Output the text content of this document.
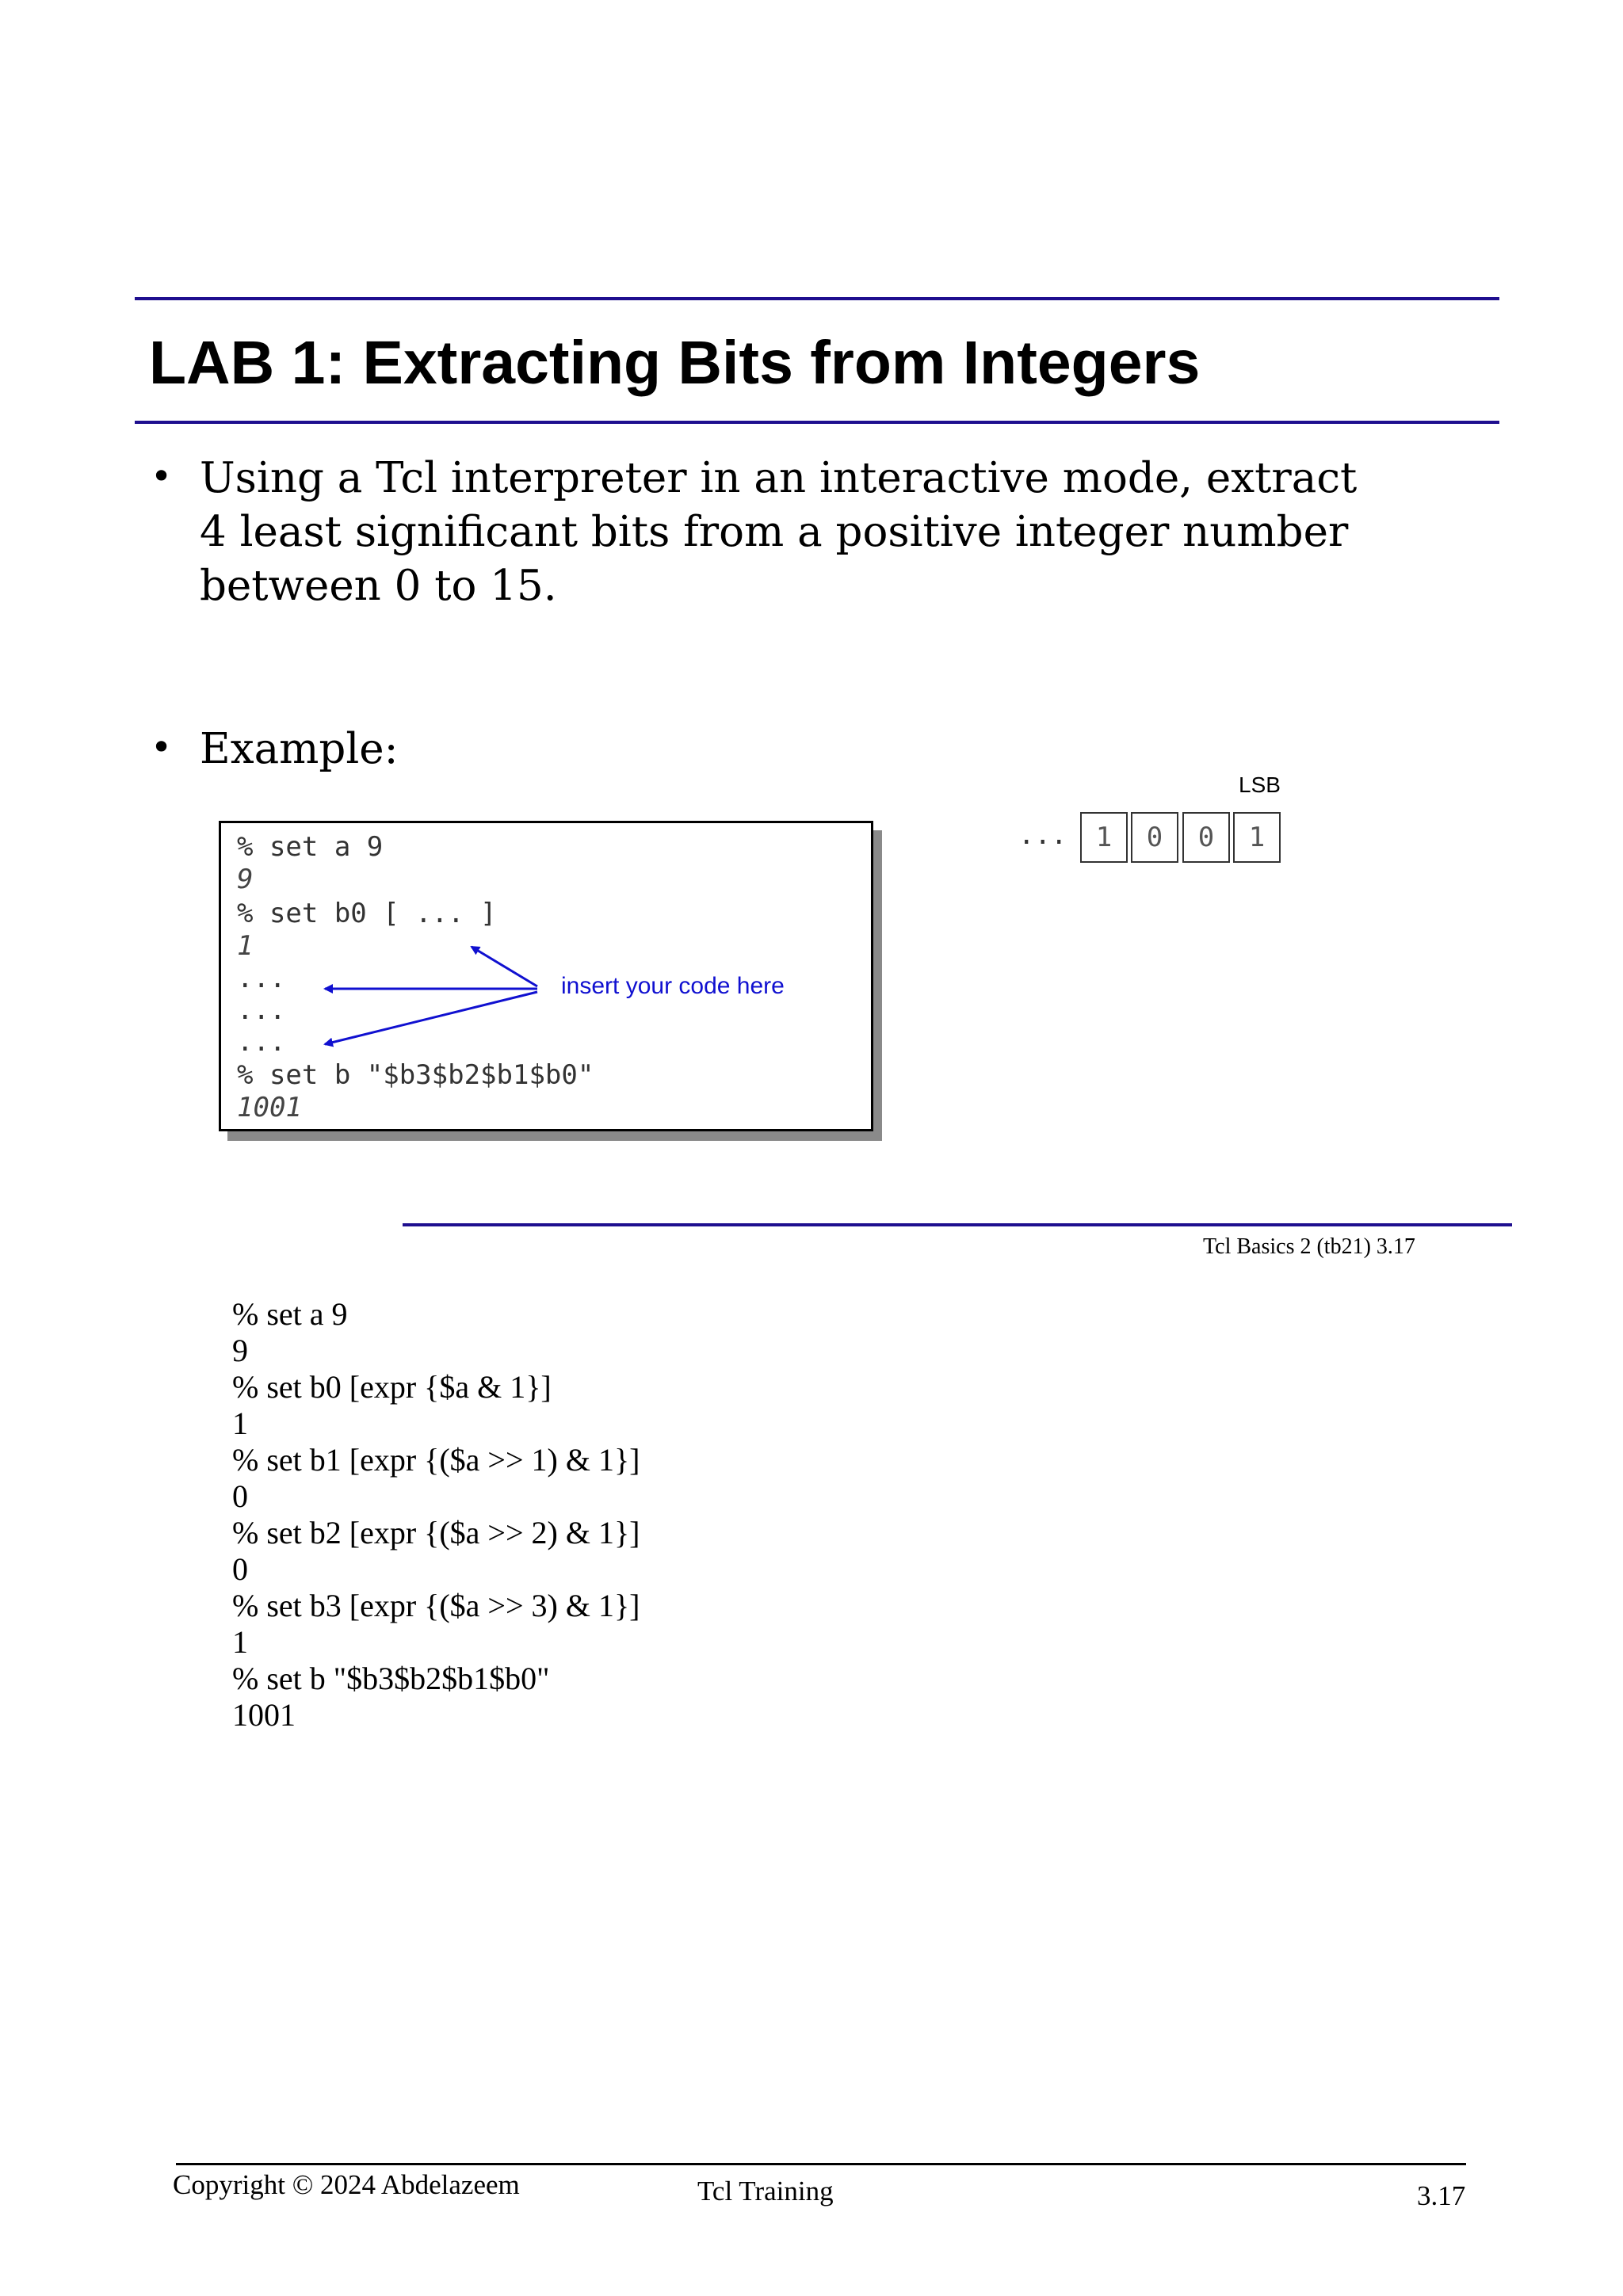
LAB 1: Extracting Bits from Integers
• Using a Tcl interpreter in an interactive mode, extract
4 least significant bits from a positive integer number
between 0 to 15.
• Example:
% set a 9
9
% set b0 [ ... ]
1
...
...
...
% set b "$b3$b2$b1$b0"
1001
insert your code here
LSB
...	1	0	0	1
Tcl Basics 2 (tb21) 3.17
% set a 9
9
% set b0 [expr {$a & 1}]
1
% set b1 [expr {($a >> 1) & 1}]
0
% set b2 [expr {($a >> 2) & 1}]
0
% set b3 [expr {($a >> 3) & 1}]
1
% set b "$b3$b2$b1$b0"
1001
Copyright © 2024 Abdelazeem	Tcl Training	3.17
